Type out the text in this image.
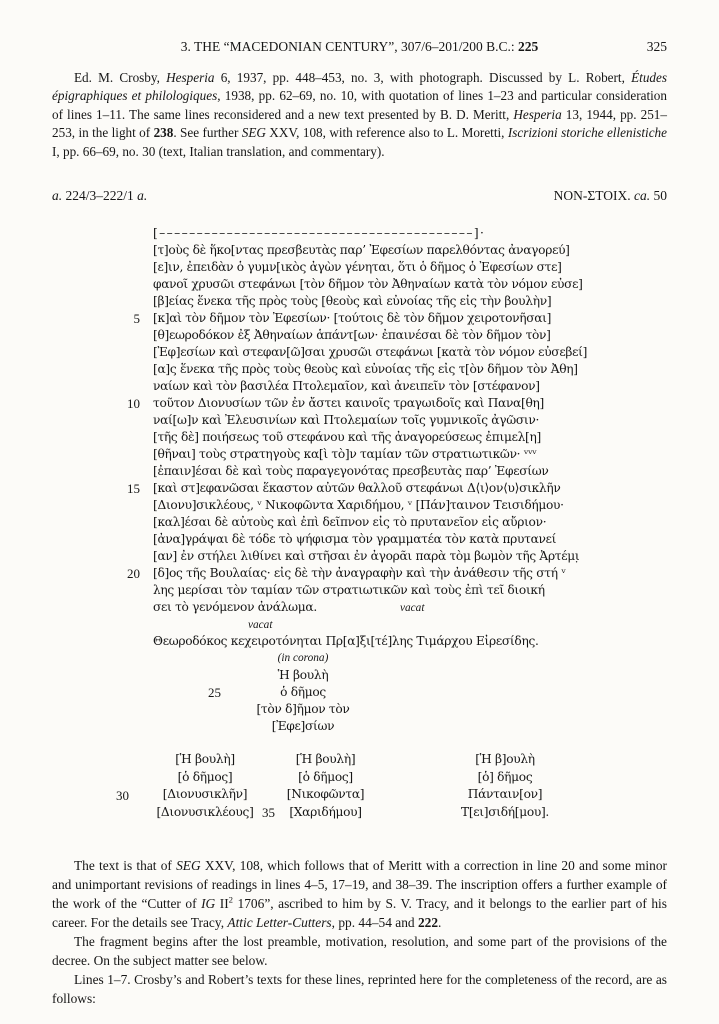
3. THE “MACEDONIAN CENTURY”, 307/6–201/200 B.C.: 225	325
Ed. M. Crosby, Hesperia 6, 1937, pp. 448–453, no. 3, with photograph. Discussed by L. Robert, Études épigraphiques et philologiques, 1938, pp. 62–69, no. 10, with quotation of lines 1–23 and particular consideration of lines 1–11. The same lines reconsidered and a new text presented by B. D. Meritt, Hesperia 13, 1944, pp. 251–253, in the light of 238. See further SEG XXV, 108, with reference also to L. Moretti, Iscrizioni storiche ellenistiche I, pp. 66–69, no. 30 (text, Italian translation, and commentary).
a. 224/3–222/1 a.	NON-ΣΤΟΙΧ. ca. 50
[––––––––––––––––––––––––––––––––––––––––––]·
[τ]οὺς δὲ ἥκο[ντας πρεσβευτὰς παρ’ Ἐφεσίων παρελθόντας ἀναγορεύ]
[ε]ιν, ἐπειδὰν ὁ γυμν[ικὸς ἀγὼν γένηται, ὅτι ὁ δῆμος ὁ Ἐφεσίων στε]
φανοῖ χρυσῶι στεφάνωι [τὸν δῆμον τὸν Ἀθηναίων κατὰ τὸν νόμον εὐσε]
[β]είας ἕνεκα τῆς πρὸς τοὺς [θεοὺς καὶ εὐνοίας τῆς εἰς τὴν βουλὴν]
5 [κ]αὶ τὸν δῆμον τὸν Ἐφεσίων· [τούτοις δὲ τὸν δῆμον χειροτονῆσαι]
[θ]εωροδόκον ἐξ Ἀθηναίων ἁπάντ[ων· ἐπαινέσαι δὲ τὸν δῆμον τὸν]
[Ἐφ]εσίων καὶ στεφαν[ῶ]σαι χρυσῶι στεφάνωι [κατὰ τὸν νόμον εὐσεβεί]
[α]ς ἕνεκα τῆς πρὸς τοὺς θεοὺς καὶ εὐνοίας τῆς εἰς τ[ὸν δῆμον τὸν Ἀθη]
ναίων καὶ τὸν βασιλέα Πτολεμαῖον, καὶ ἀνειπεῖν τὸν [στέφανον]
10 τοῦτον Διονυσίων τῶν ἐν ἄστει καινοῖς τραγωιδοῖς καὶ Πανα[θη]
ναί[ω]ν καὶ Ἐλευσινίων καὶ Πτολεμαίων τοῖς γυμνικοῖς ἀγῶσιν·
[τῆς δὲ] ποιήσεως τοῦ στεφάνου καὶ τῆς ἀναγορεύσεως ἐπιμελ[η]
[θῆναι] τοὺς στρατηγοὺς κα[ὶ τὸ]ν ταμίαν τῶν στρατιωτικῶν· ᵛᵛᵛ
[ἐπαιν]έσαι δὲ καὶ τοὺς παραγεγονότας πρεσβευτὰς παρ’ Ἐφεσίων
15 [καὶ στ]εφανῶσαι ἕκαστον αὐτῶν θαλλοῦ στεφάνωι Δ⟨ι⟩ον⟨υ⟩σικλῆν
[Διονυ]σικλέους, ᵛ Νικοφῶντα Χαριδήμου, ᵛ [Πάν]ταινον Τεισιδήμου·
[καλ]έσαι δὲ αὐτοὺς καὶ ἐπὶ δεῖπνον εἰς τὸ πρυτανεῖον εἰς αὔριον·
[ἀνα]γράψαι δὲ τόδε τὸ ψήφισμα τὸν γραμματέα τὸν κατὰ πρυτανεί
[αν] ἐν στήλει λιθίνει καὶ στῆσαι ἐν ἀγορᾶι παρὰ τὸμ βωμὸν τῆς Ἀρτέμι̣
20 [δ]ος τῆς Βουλαίας· εἰς δὲ τὴν ἀναγραφὴν καὶ τὴν ἀνάθεσιν τῆς στή ᵛ
λης μερίσαι τὸν ταμίαν τῶν στρατιωτικῶν καὶ τοὺς ἐπὶ τεῖ διοική
σει τὸ γενόμενον ἀνάλωμα.	vacat
vacat
Θεωροδόκος κεχειροτόνηται Πρ[α]ξι[τέ]λης Τιμάρχου Εἰρεσίδης.
(in corona)
Ἡ βουλὴ
25	ὁ δῆμος
[τὸν δ]ῆμον τὸν
[Ἐφε]σίων
30
35
[Ἡ βουλὴ]
[ὁ δῆμος]
[Διονυσικλῆν]
[Διονυσικλέους]
[Ἡ βουλὴ]
[ὁ δῆμος]
[Νικοφῶντα]
[Χαριδήμου]
[Ἡ β]ουλὴ
[ὁ] δῆμος
Πάνταιν[ον]
Τ[ει]σιδή[μου].

The text is that of SEG XXV, 108, which follows that of Meritt with a correction in line 20 and some minor and unimportant revisions of readings in lines 4–5, 17–19, and 38–39. The inscription offers a further example of the work of the “Cutter of IG $II^2$ 1706”, ascribed to him by S. V. Tracy, and it belongs to the earlier part of his career. For the details see Tracy, Attic Letter-Cutters, pp. 44–54 and 222.

The fragment begins after the lost preamble, motivation, resolution, and some part of the provisions of the decree. On the subject matter see below.

Lines 1–7. Crosby’s and Robert’s texts for these lines, reprinted here for the completeness of the record, are as follows:
